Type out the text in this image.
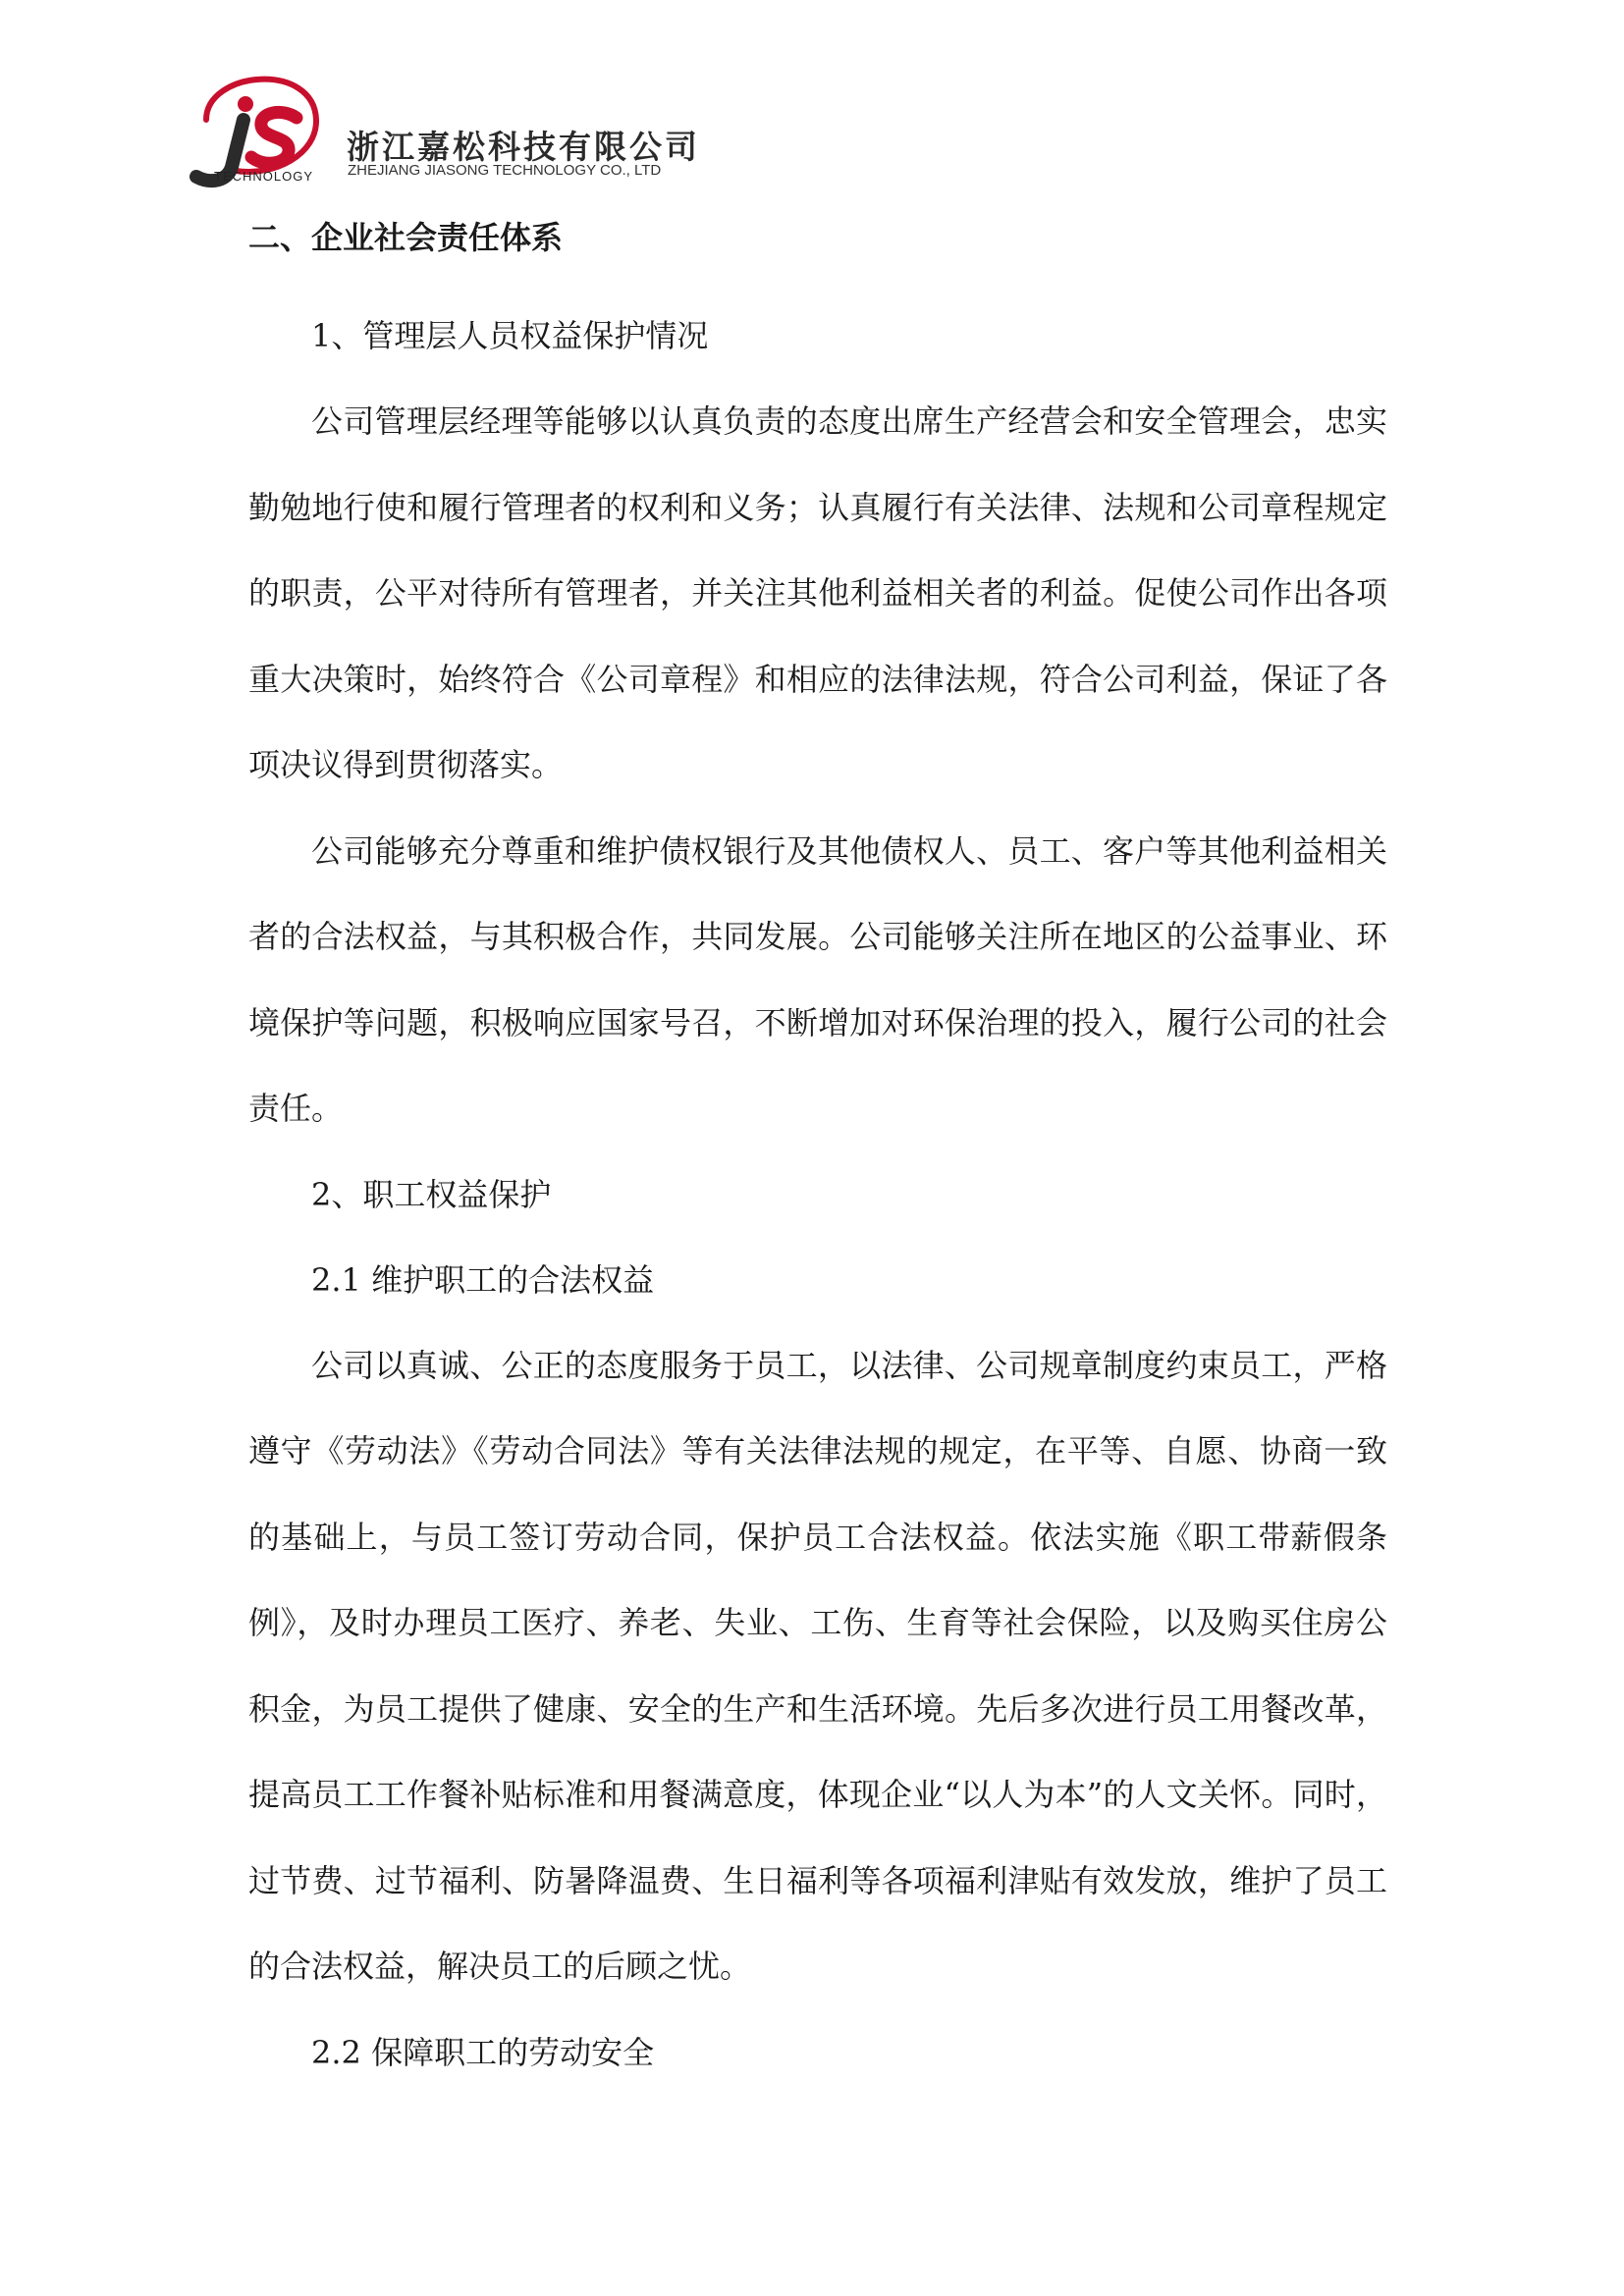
TECHNOLOGY
浙江嘉松科技有限公司
ZHEJIANG JIASONG TECHNOLOGY CO., LTD
二、企业社会责任体系

1、管理层人员权益保护情况

公司管理层经理等能够以认真负责的态度出席生产经营会和安全管理会，忠实勤勉地行使和履行管理者的权利和义务；认真履行有关法律、法规和公司章程规定的职责，公平对待所有管理者，并关注其他利益相关者的利益。促使公司作出各项重大决策时，始终符合《公司章程》和相应的法律法规，符合公司利益，保证了各项决议得到贯彻落实。

公司能够充分尊重和维护债权银行及其他债权人、员工、客户等其他利益相关者的合法权益，与其积极合作，共同发展。公司能够关注所在地区的公益事业、环境保护等问题，积极响应国家号召，不断增加对环保治理的投入，履行公司的社会责任。

2、职工权益保护

2.1 维护职工的合法权益

公司以真诚、公正的态度服务于员工，以法律、公司规章制度约束员工，严格遵守《劳动法》《劳动合同法》等有关法律法规的规定，在平等、自愿、协商一致的基础上，与员工签订劳动合同，保护员工合法权益。依法实施《职工带薪假条例》，及时办理员工医疗、养老、失业、工伤、生育等社会保险，以及购买住房公积金，为员工提供了健康、安全的生产和生活环境。先后多次进行员工用餐改革，提高员工工作餐补贴标准和用餐满意度，体现企业“以人为本”的人文关怀。同时，过节费、过节福利、防暑降温费、生日福利等各项福利津贴有效发放，维护了员工的合法权益，解决员工的后顾之忧。

2.2 保障职工的劳动安全
